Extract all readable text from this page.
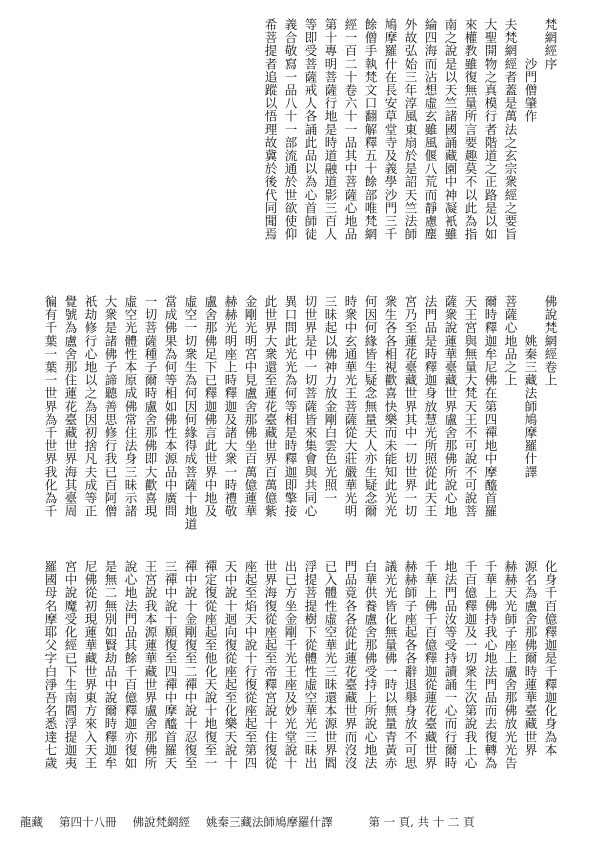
梵網經序
　　　沙門僧肇作
夫梵網經者蓋是萬法之玄宗衆經之要旨
大聖開物之真模行者階道之正路是以如
來權教雖復無量所言要趣莫不以此為指
南之說是以天竺諸國誦藏園中神凝衹雖
綸四海而沾想虛玄雖風偃八荒而靜慮塵
外故弘始三年淳風東扇於是詔天竺法師
鳩摩羅什在長安草堂寺及義學沙門三千
餘僧手執梵文口翻解釋五十餘部唯梵網
經一百二十卷六十一品其中菩薩心地品
第十專明菩薩行地是時道融道影三百人
等即受菩薩戒人各誦此品以為心首師徒
義合敬寫一品八十一部流通於世欲使仰
希菩提者追蹤以悟理故冀於後代同聞焉
佛說梵網經卷上
　　　姚秦三藏法師鳩摩羅什譯
菩薩心地品之上
爾時釋迦牟尼佛在第四禪地中摩醯首羅
天王宮與無量大梵天王不可說不可說菩
薩衆說蓮華臺藏世界盧舍那佛所說心地
法門品是時釋迦身放慧光所照從此天王
宮乃至蓮花臺藏世界其中一切世界一切
衆生各各相視歡喜快樂而未能知此光光
何因何緣皆生疑念無量天人亦生疑念爾
時衆中玄通華光王菩薩從大莊嚴華光明
三昧起以佛神力放金剛白雲色光照一
切世界是中一切菩薩皆來集會與共同心
異口問此光光為何等相是時釋迦即擎接
此世界大衆還至蓮花臺藏世界百萬億紫
金剛光明宮中見盧舍那佛坐百萬億蓮華
赫赫光明座上時釋迦及諸大衆一時禮敬
盧舍那佛足下已釋迦佛言此世界中地及
虛空一切衆生為何因何緣得成菩薩十地道
當成佛果為何等相如佛性本源品中廣問
一切菩薩種子爾時盧舍那佛即大歡喜現
虛空光體性本原成佛常住法身三昧示諸
大衆是諸佛子諦聽善思修行我已百阿僧
祇劫修行心地以之為因初捨凡夫成等正
覺號為盧舍那住蓮花臺藏世界海其臺周
徧有千葉一葉一世界為千世界我化為千
化身千百億釋迦是千釋迦化身為本
源名為盧舍那佛爾時蓮華臺藏世界
赫赫天光師子座上盧舍那佛放光光告
千華上佛持我心地法門品而去復轉為
千百億釋迦及一切衆生次第說我上心
地法門品汝等受持讀誦一心而行爾時
千華上佛千百億釋迦從蓮花臺藏世界
赫赫師子座起各各辭退舉身放不可思
議光光皆化無量佛一時以無量青黃赤
白華供養盧舍那佛受持上所說心地法
門品竟各各從此蓮花臺藏世界而沒沒
已入體性虛空華光三昧還本源世界閻
浮提菩提樹下從體性虛空華光三昧出
出已方坐金剛千光王座及妙光堂說十
世界海復從座起至帝釋宮說十住復從
座起至焰天中說十行復從座起至第四
天中說十迴向復從座起至化樂天說十
禪定復從座起至他化天說十地復至一
禪中說十金剛復至二禪中說十忍復至
三禪中說十願復至四禪中摩醯首羅天
王宮說我本源蓮華藏世界盧舍那佛所
說心地法門品其餘千百億釋迦亦復如
是無二無別如賢劫品中說爾時釋迦牟
尼佛從初現蓮華藏世界東方來入天王
宮中說魔受化經已下生南閻浮提迦夷
羅國母名摩耶父字白淨吾名悉達七歲
龍藏 第四十八冊 佛說梵網經 姚秦三藏法師鳩摩羅什譯	第 一 頁, 共 十 二 頁
